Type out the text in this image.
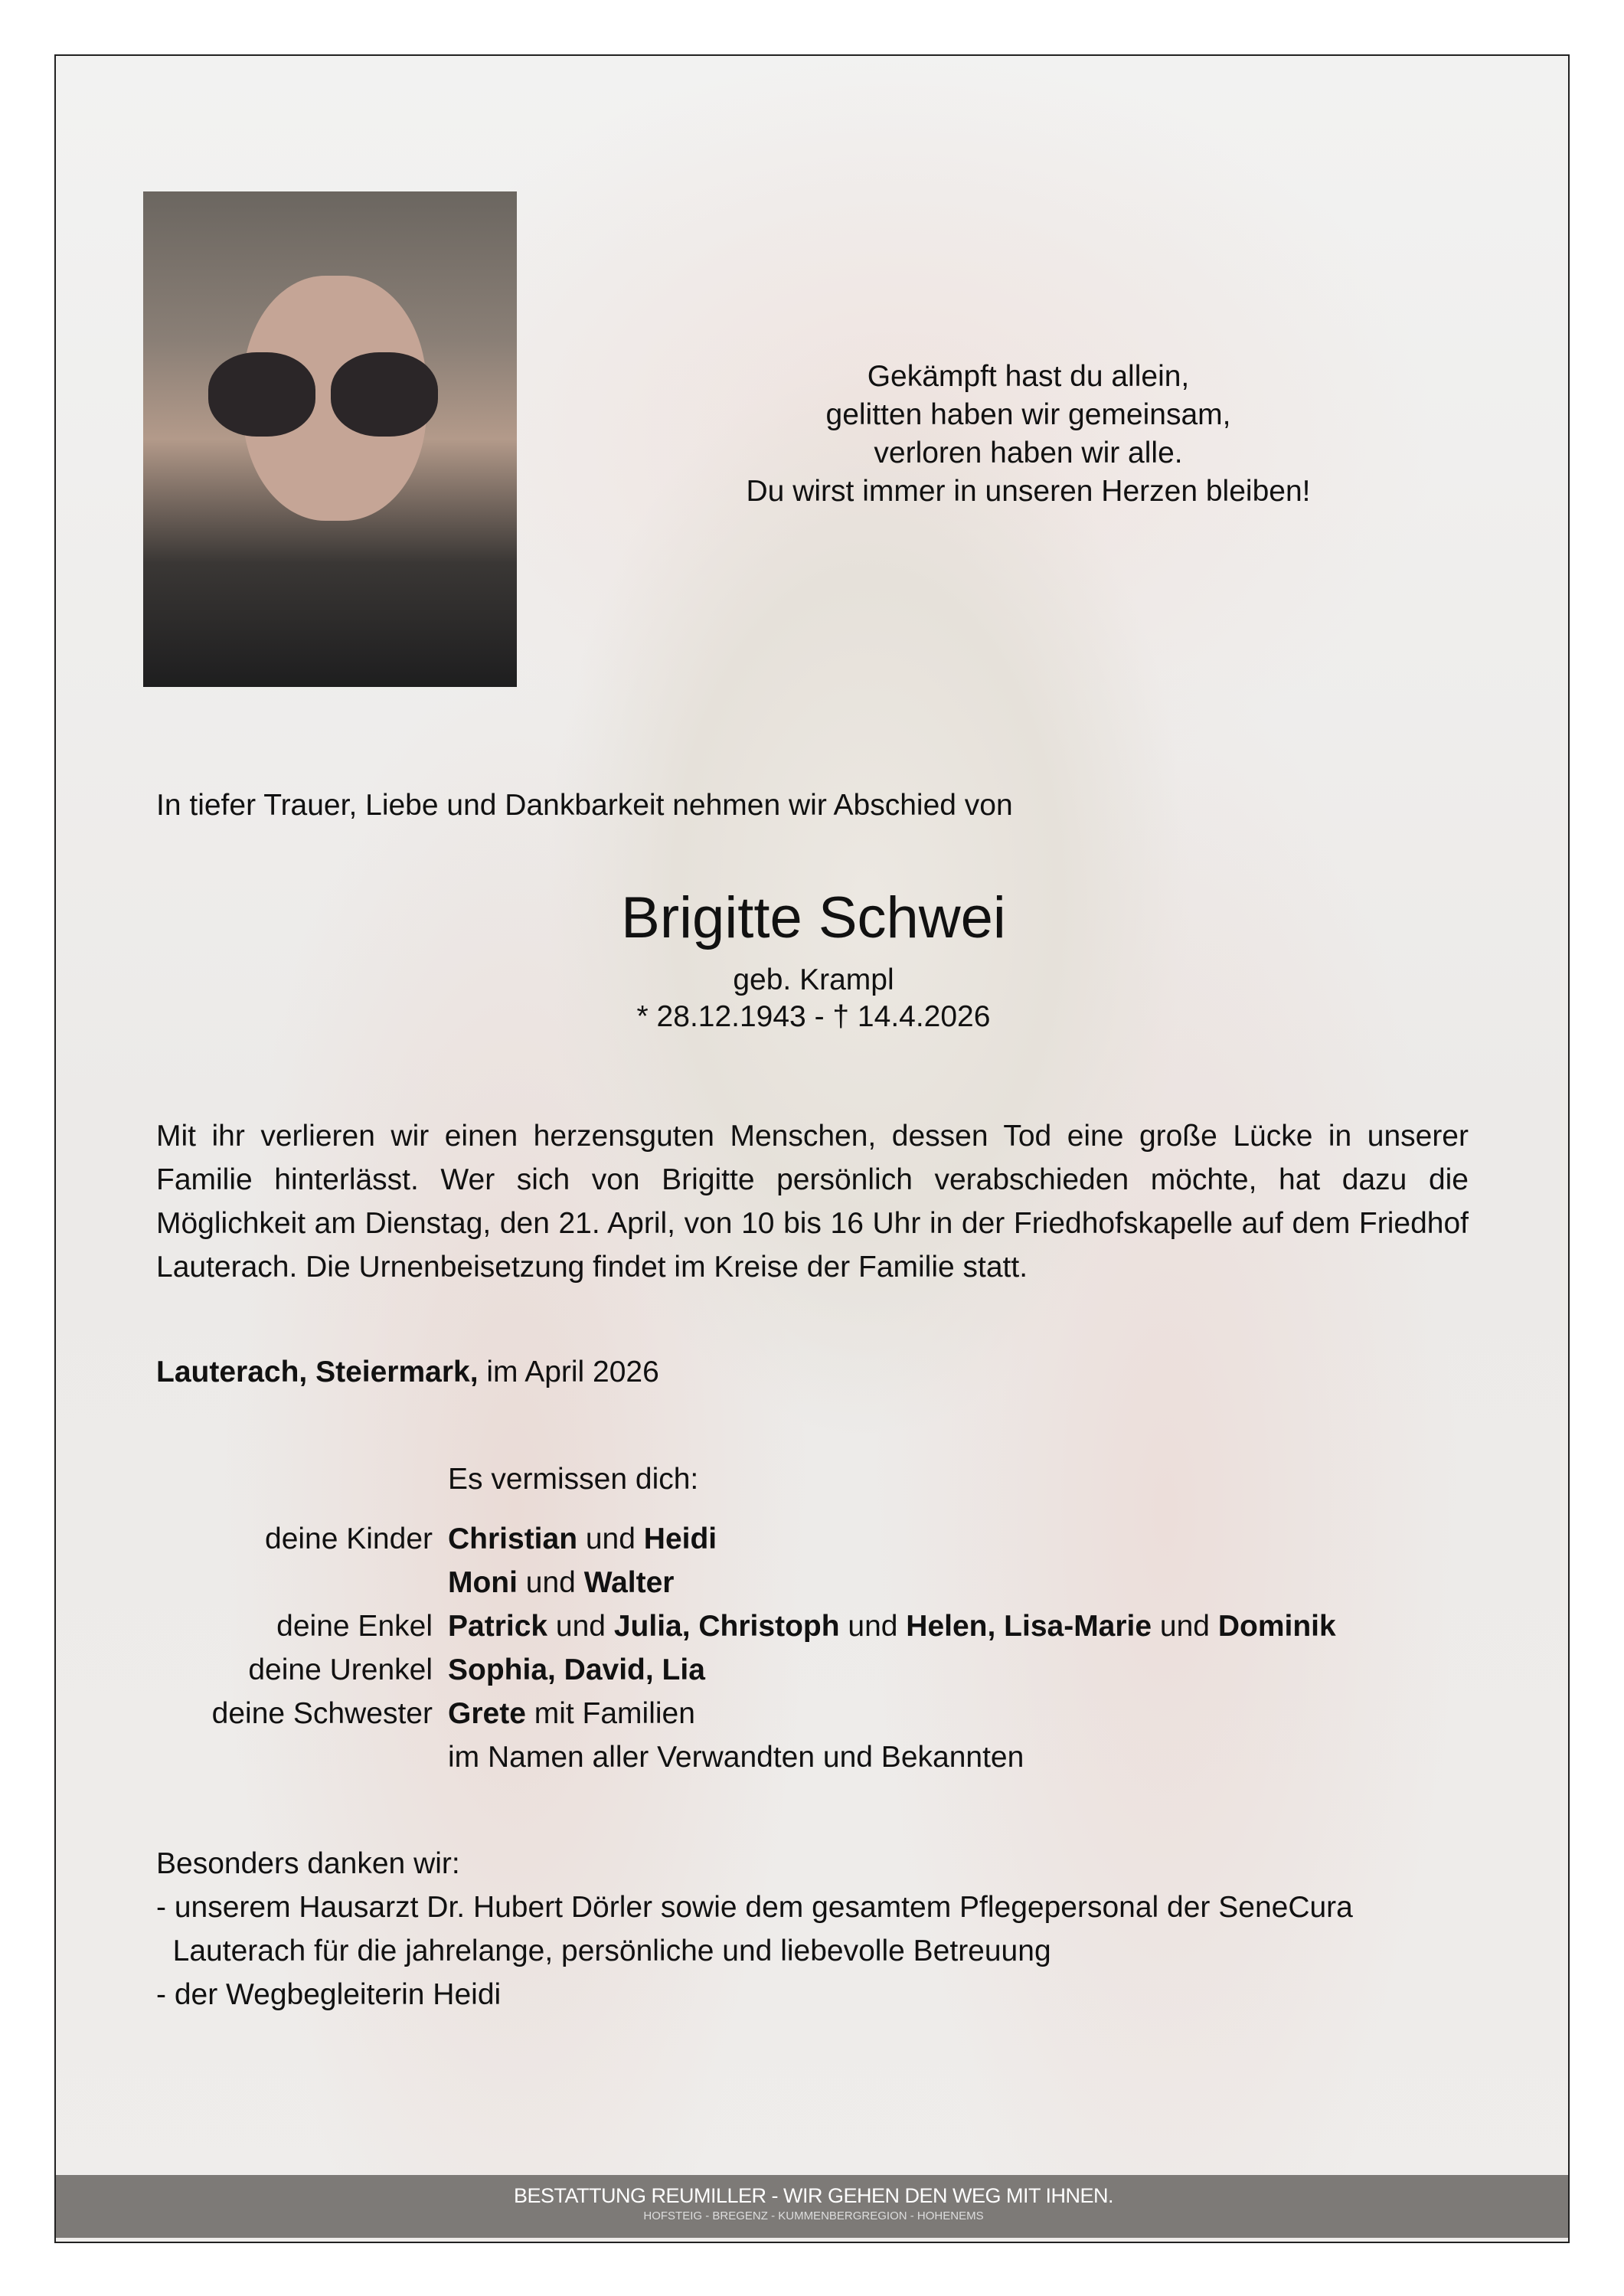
Gekämpft hast du allein,
gelitten haben wir gemeinsam,
verloren haben wir alle.
Du wirst immer in unseren Herzen bleiben!
In tiefer Trauer, Liebe und Dankbarkeit nehmen wir Abschied von
Brigitte Schwei
geb. Krampl
* 28.12.1943 - † 14.4.2026
Mit ihr verlieren wir einen herzensguten Menschen, dessen Tod eine große Lücke in unserer Familie hinterlässt. Wer sich von Brigitte persönlich verabschieden möchte, hat dazu die Möglichkeit am Dienstag, den 21. April, von 10 bis 16 Uhr in der Friedhofskapelle auf dem Friedhof Lauterach. Die Urnenbeisetzung findet im Kreise der Familie statt.
Lauterach, Steiermark, im April 2026
Es vermissen dich:
deine Kinder Christian und Heidi
Moni und Walter
deine Enkel Patrick und Julia, Christoph und Helen, Lisa-Marie und Dominik
deine Urenkel Sophia, David, Lia
deine Schwester Grete mit Familien
im Namen aller Verwandten und Bekannten
Besonders danken wir:
- unserem Hausarzt Dr. Hubert Dörler sowie dem gesamtem Pflegepersonal der SeneCura
Lauterach für die jahrelange, persönliche und liebevolle Betreuung
- der Wegbegleiterin Heidi
BESTATTUNG REUMILLER - WIR GEHEN DEN WEG MIT IHNEN.
HOFSTEIG - BREGENZ - KUMMENBERGREGION - HOHENEMS
